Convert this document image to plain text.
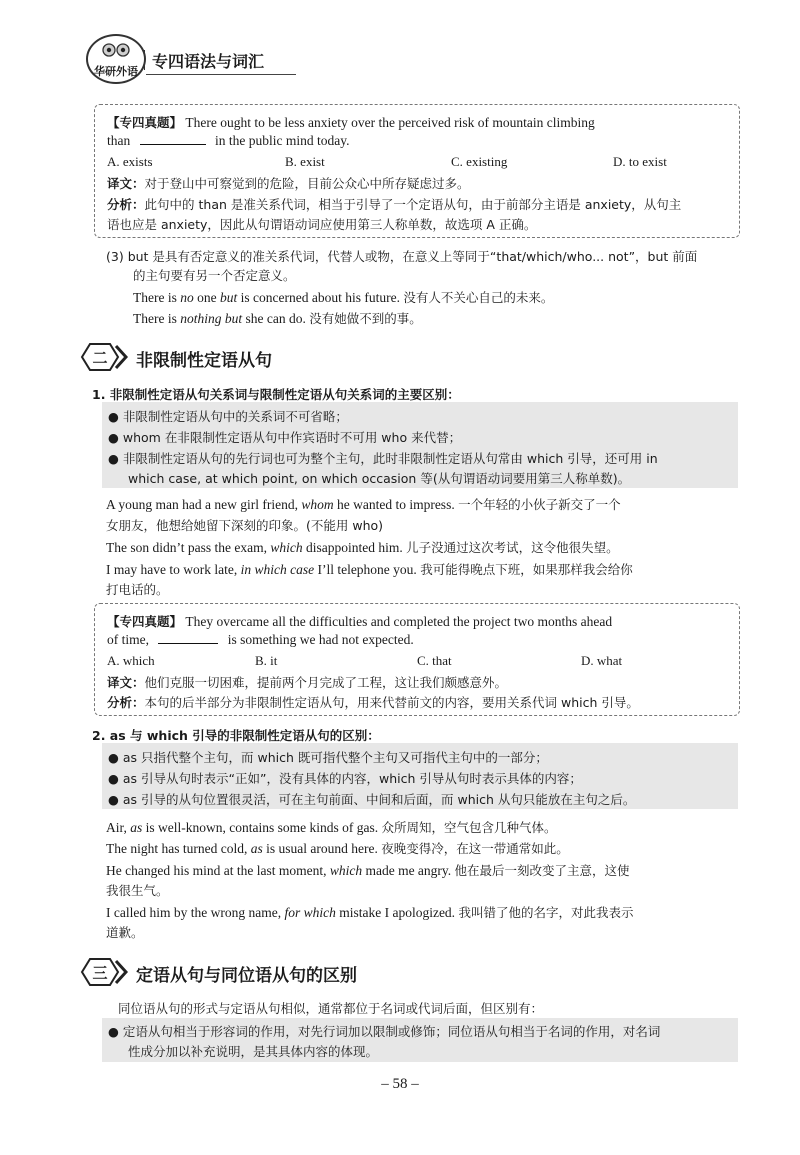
华研外语
专四语法与词汇
【专四真题】 There ought to be less anxiety over the perceived risk of mountain climbing
than	in the public mind today.
A. exists	B. exist	C. existing	D. to exist
译文：对于登山中可察觉到的危险，目前公众心中所存疑虑过多。
分析：此句中的 than 是准关系代词，相当于引导了一个定语从句，由于前部分主语是 anxiety，从句主
语也应是 anxiety，因此从句谓语动词应使用第三人称单数，故选项 A 正确。
(3) but 是具有否定意义的准关系代词，代替人或物，在意义上等同于“that/which/who... not”，but 前面
的主句要有另一个否定意义。
There is no one but is concerned about his future. 没有人不关心自己的未来。
There is nothing but she can do. 没有她做不到的事。
二 非限制性定语从句
1. 非限制性定语从句关系词与限制性定语从句关系词的主要区别：
● 非限制性定语从句中的关系词不可省略；
● whom 在非限制性定语从句中作宾语时不可用 who 来代替；
● 非限制性定语从句的先行词也可为整个主句，此时非限制性定语从句常由 which 引导，还可用 in
which case, at which point, on which occasion 等(从句谓语动词要用第三人称单数)。
A young man had a new girl friend, whom he wanted to impress. 一个年轻的小伙子新交了一个
女朋友，他想给她留下深刻的印象。(不能用 who)
The son didn’t pass the exam, which disappointed him. 儿子没通过这次考试，这令他很失望。
I may have to work late, in which case I’ll telephone you. 我可能得晚点下班，如果那样我会给你
打电话的。
【专四真题】 They overcame all the difficulties and completed the project two months ahead
of time,	is something we had not expected.
A. which	B. it	C. that	D. what
译文：他们克服一切困难，提前两个月完成了工程，这让我们颇感意外。
分析：本句的后半部分为非限制性定语从句，用来代替前文的内容，要用关系代词 which 引导。
2. as 与 which 引导的非限制性定语从句的区别：
● as 只指代整个主句，而 which 既可指代整个主句又可指代主句中的一部分；
● as 引导从句时表示“正如”，没有具体的内容，which 引导从句时表示具体的内容；
● as 引导的从句位置很灵活，可在主句前面、中间和后面，而 which 从句只能放在主句之后。
Air, as is well-known, contains some kinds of gas. 众所周知，空气包含几种气体。
The night has turned cold, as is usual around here. 夜晚变得冷，在这一带通常如此。
He changed his mind at the last moment, which made me angry. 他在最后一刻改变了主意，这使
我很生气。
I called him by the wrong name, for which mistake I apologized. 我叫错了他的名字，对此我表示
道歉。
三 定语从句与同位语从句的区别
同位语从句的形式与定语从句相似，通常都位于名词或代词后面，但区别有：
● 定语从句相当于形容词的作用，对先行词加以限制或修饰；同位语从句相当于名词的作用，对名词
性成分加以补充说明，是其具体内容的体现。
– 58 –
